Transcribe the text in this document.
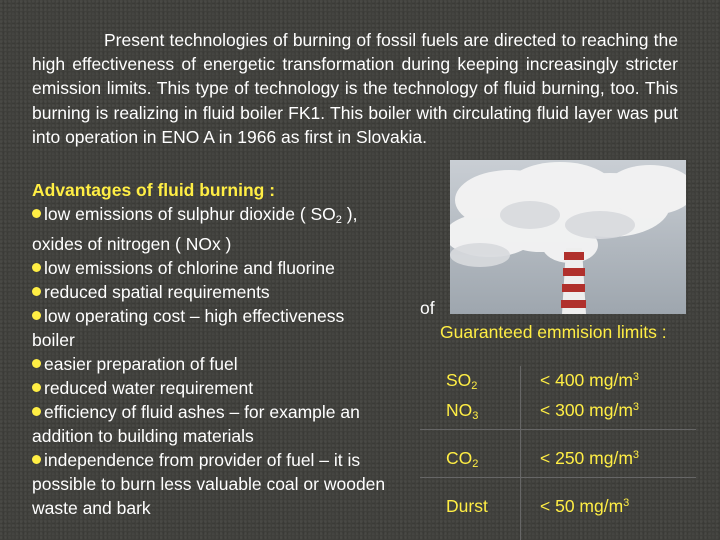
Present technologies of burning of fossil fuels are directed to reaching the high effectiveness of energetic transformation during keeping increasingly stricter emission limits. This type of technology is the technology of fluid burning, too. This burning is realizing in fluid boiler FK1. This boiler with circulating fluid layer was put into operation in ENO A in 1966 as first in Slovakia.
Advantages of fluid burning :
low emissions of sulphur dioxide ( $SO_2$ ),
oxides of nitrogen ( NOx )
low emissions of chlorine and fluorine
reduced spatial requirements
low operating cost – high effectiveness
boiler
easier preparation of fuel
reduced water requirement
efficiency of fluid ashes – for example an addition to building materials
independence from provider of fuel – it is possible to burn less valuable coal or wooden waste and bark
of
Guaranteed emmision limits :
$SO_2$	< 400 $mg/m^3$
$NO_3$	< 300 $mg/m^3$
$CO_2$	< 250 $mg/m^3$
Durst	< 50 $mg/m^3$
